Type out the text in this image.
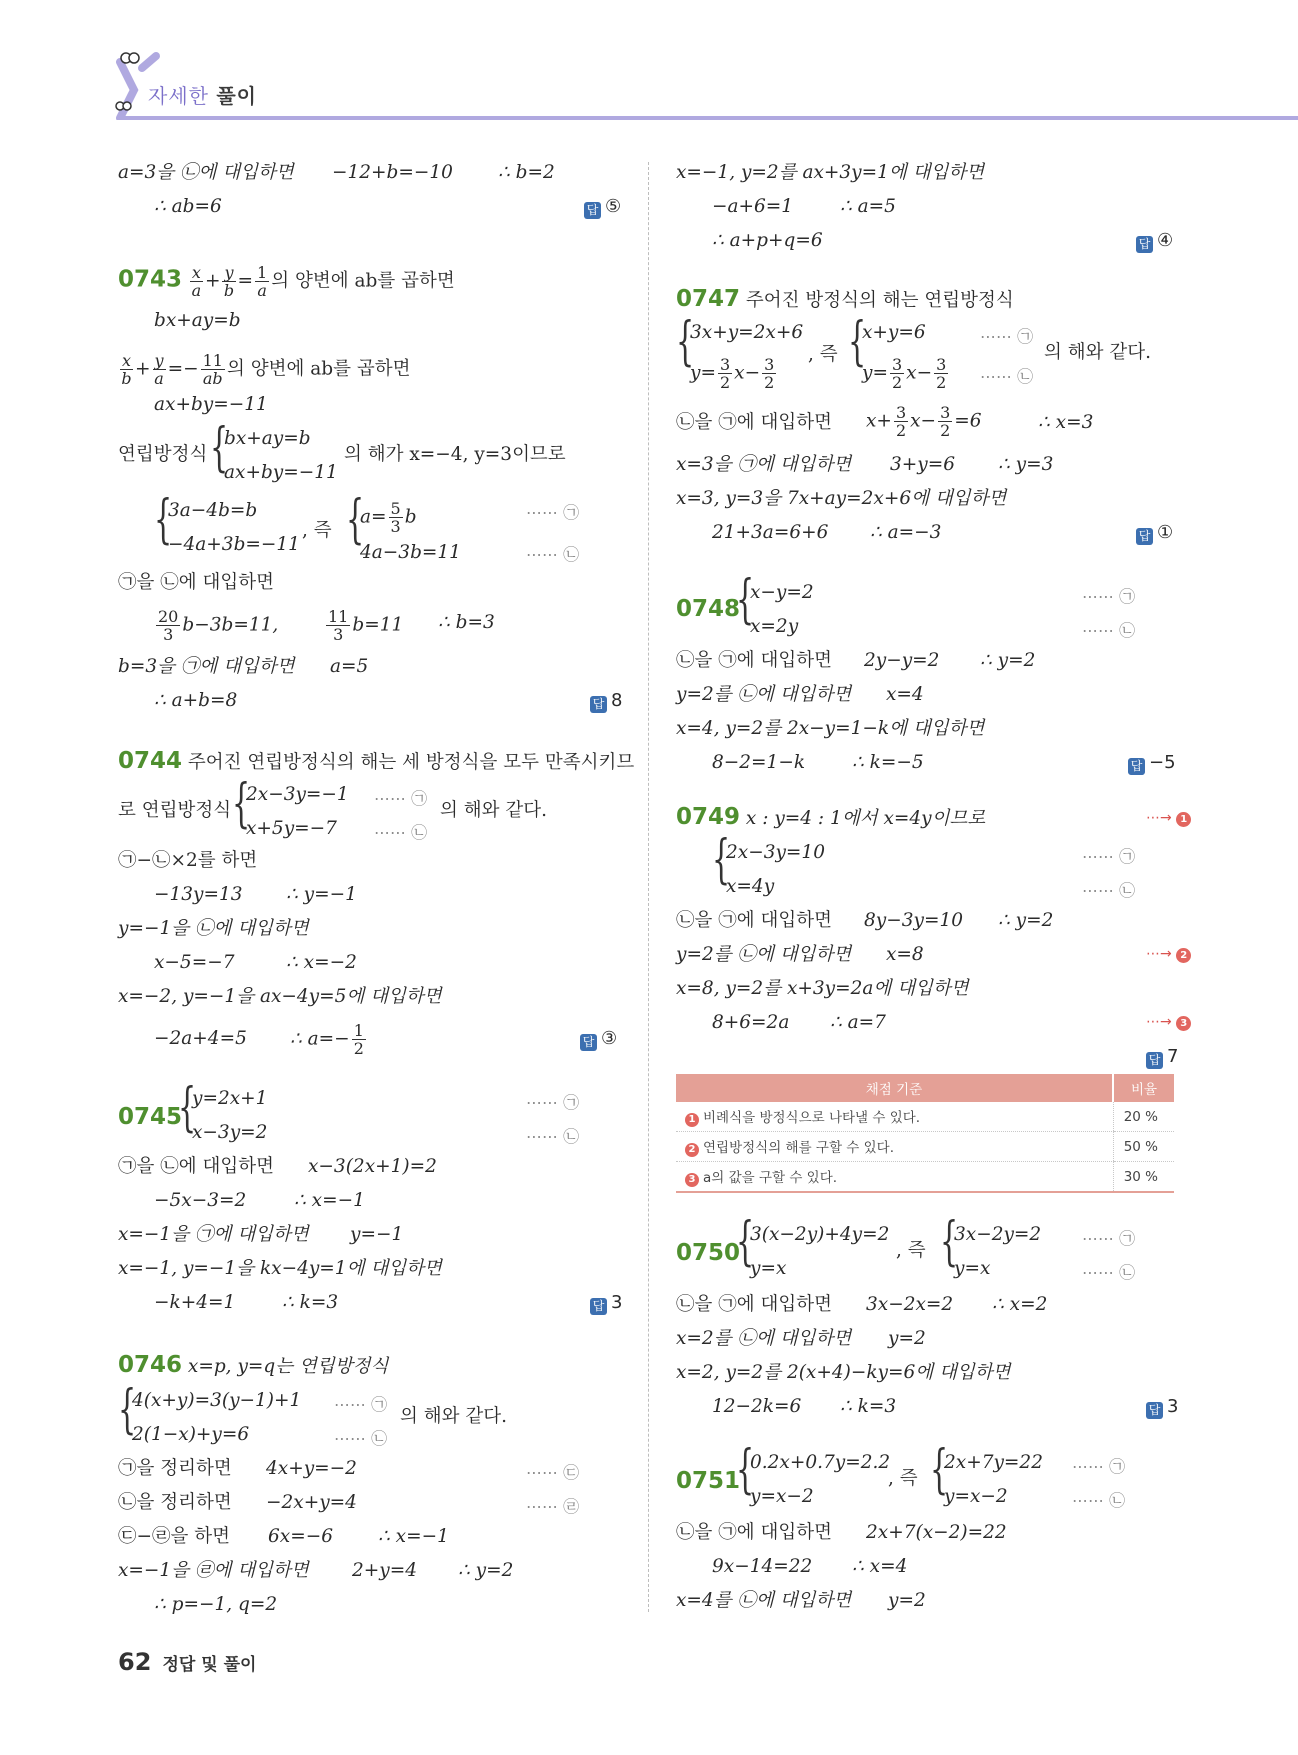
자세한 풀이
a=3을 ㉡에 대입하면 −12+b=−10 ∴ b=2
∴ ab=6	답 ⑤
$0743 \frac{x}{a} + \frac{y}{b} = \frac{1}{a}$ 의 양변에 ab를 곱하면
bx+ay=b
$\frac{x}{b} + \frac{y}{a} =- \frac{11}{ab}$ 의 양변에 ab를 곱하면
ax+by=−11
연립방정식 {
bx+ay=b
ax+by=−11
의 해가 x=−4, y=3이므로
{
3a−4b=b
−4a+3b=−11
, 즉 {
$a= \frac{5}{3}$ b
4a−3b=11
⋯⋯ ㉠
⋯⋯ ㉡
㉠을 ㉡에 대입하면
$\frac{20}{3} b-3b=11$,	$\frac{11}{3} b=11$ ∴ b=3
b=3을 ㉠에 대입하면 a=5
∴ a+b=8	답 8
0744 주어진 연립방정식의 해는 세 방정식을 모두 만족시키므
로 연립방정식 {
2x−3y=−1
x+5y=−7
⋯⋯ ㉠
⋯⋯ ㉡
의 해와 같다.
㉠−㉡×2를 하면
−13y=13 ∴ y=−1
y=−1을 ㉡에 대입하면
x−5=−7	∴ x=−2
x=−2, y=−1을 ax−4y=5에 대입하면
−2a+4=5 ∴ $a=- \frac{1}{2}$	답 ③
0745
{
y=2x+1
x−3y=2
⋯⋯ ㉠
⋯⋯ ㉡
㉠을 ㉡에 대입하면 x−3(2x+1)=2
−5x−3=2	∴ x=−1
x=−1을 ㉠에 대입하면 y=−1
x=−1, y=−1을 kx−4y=1에 대입하면
−k+4=1	∴ k=3	답 3
0746 x=p, y=q는 연립방정식
{
4(x+y)=3(y−1)+1
2(1−x)+y=6
⋯⋯ ㉠
⋯⋯ ㉡
의 해와 같다.
㉠을 정리하면 4x+y=−2	⋯⋯ ㉢
㉡을 정리하면 −2x+y=4	⋯⋯ ㉣
㉢−㉣을 하면 6x=−6 ∴ x=−1
x=−1을 ㉣에 대입하면 2+y=4 ∴ y=2
∴ p=−1, q=2
x=−1, y=2를 ax+3y=1에 대입하면
−a+6=1	∴ a=5
∴ a+p+q=6	답 ④
0747 주어진 방정식의 해는 연립방정식
{
3x+y=2x+6
$y= \frac{3}{2} x- \frac{3}{2}$
, 즉 {
x+y=6
$y= \frac{3}{2} x- \frac{3}{2}$
⋯⋯ ㉠
⋯⋯ ㉡
의 해와 같다.
㉡을 ㉠에 대입하면 $x+ \frac{3}{2} x- \frac{3}{2} =6$	∴ x=3
x=3을 ㉠에 대입하면 3+y=6 ∴ y=3
x=3, y=3을 7x+ay=2x+6에 대입하면
21+3a=6+6 ∴ a=−3	답 ①
0748
{
x−y=2
x=2y
⋯⋯ ㉠
⋯⋯ ㉡
㉡을 ㉠에 대입하면 2y−y=2 ∴ y=2
y=2를 ㉡에 대입하면 x=4
x=4, y=2를 2x−y=1−k에 대입하면
8−2=1−k	∴ k=−5	답 −5
0749 x : y=4 : 1에서 x=4y이므로	⋯→ 1
{
2x−3y=10
x=4y
⋯⋯ ㉠
⋯⋯ ㉡
㉡을 ㉠에 대입하면 8y−3y=10 ∴ y=2
y=2를 ㉡에 대입하면 x=8	⋯→ 2
x=8, y=2를 x+3y=2a에 대입하면
8+6=2a ∴ a=7	⋯→ 3
답 7
0750
{
3(x−2y)+4y=2
y=x
, 즉 {
3x−2y=2
y=x
⋯⋯ ㉠
⋯⋯ ㉡
㉡을 ㉠에 대입하면 3x−2x=2 ∴ x=2
x=2를 ㉡에 대입하면 y=2
x=2, y=2를 2(x+4)−ky=6에 대입하면
12−2k=6 ∴ k=3	답 3
0751
{
0.2x+0.7y=2.2
y=x−2
, 즉 {
2x+7y=22
y=x−2
⋯⋯ ㉠
⋯⋯ ㉡
㉡을 ㉠에 대입하면 2x+7(x−2)=22
9x−14=22 ∴ x=4
x=4를 ㉡에 대입하면 y=2
채점 기준	비율
1 비례식을 방정식으로 나타낼 수 있다.	20 %
2 연립방정식의 해를 구할 수 있다.	50 %
3 a의 값을 구할 수 있다.	30 %
62 정답 및 풀이
